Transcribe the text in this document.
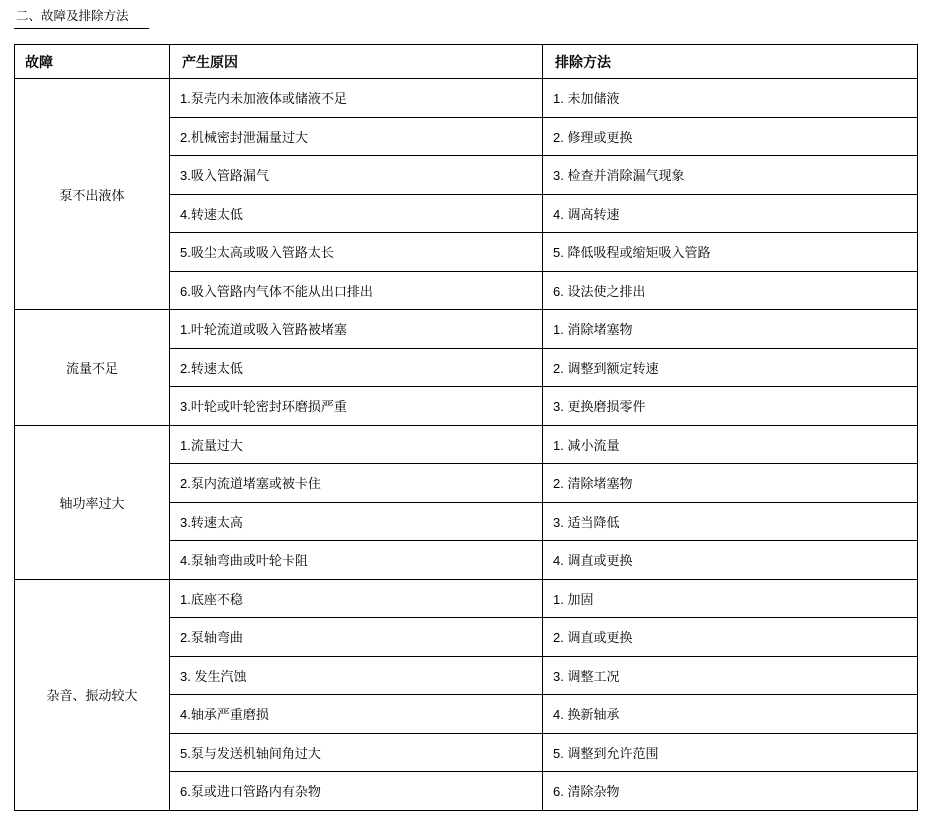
二、故障及排除方法
故障	产生原因	排除方法
泵不出液体	1.泵壳内未加液体或储液不足	1. 未加储液
	2.机械密封泄漏量过大	2. 修理或更换
	3.吸入管路漏气	3. 检查并消除漏气现象
	4.转速太低	4. 调高转速
	5.吸尘太高或吸入管路太长	5. 降低吸程或缩矩吸入管路
	6.吸入管路内气体不能从出口排出	6. 设法使之排出
流量不足	1.叶轮流道或吸入管路被堵塞	1. 消除堵塞物
	2.转速太低	2. 调整到额定转速
	3.叶轮或叶轮密封环磨损严重	3. 更换磨损零件
轴功率过大	1.流量过大	1. 减小流量
	2.泵内流道堵塞或被卡住	2. 清除堵塞物
	3.转速太高	3. 适当降低
	4.泵轴弯曲或叶轮卡阻	4. 调直或更换
杂音、振动较大	1.底座不稳	1. 加固
	2.泵轴弯曲	2. 调直或更换
	3. 发生汽蚀	3. 调整工况
	4.轴承严重磨损	4. 换新轴承
	5.泵与发送机轴间角过大	5. 调整到允许范围
	6.泵或进口管路内有杂物	6. 清除杂物
